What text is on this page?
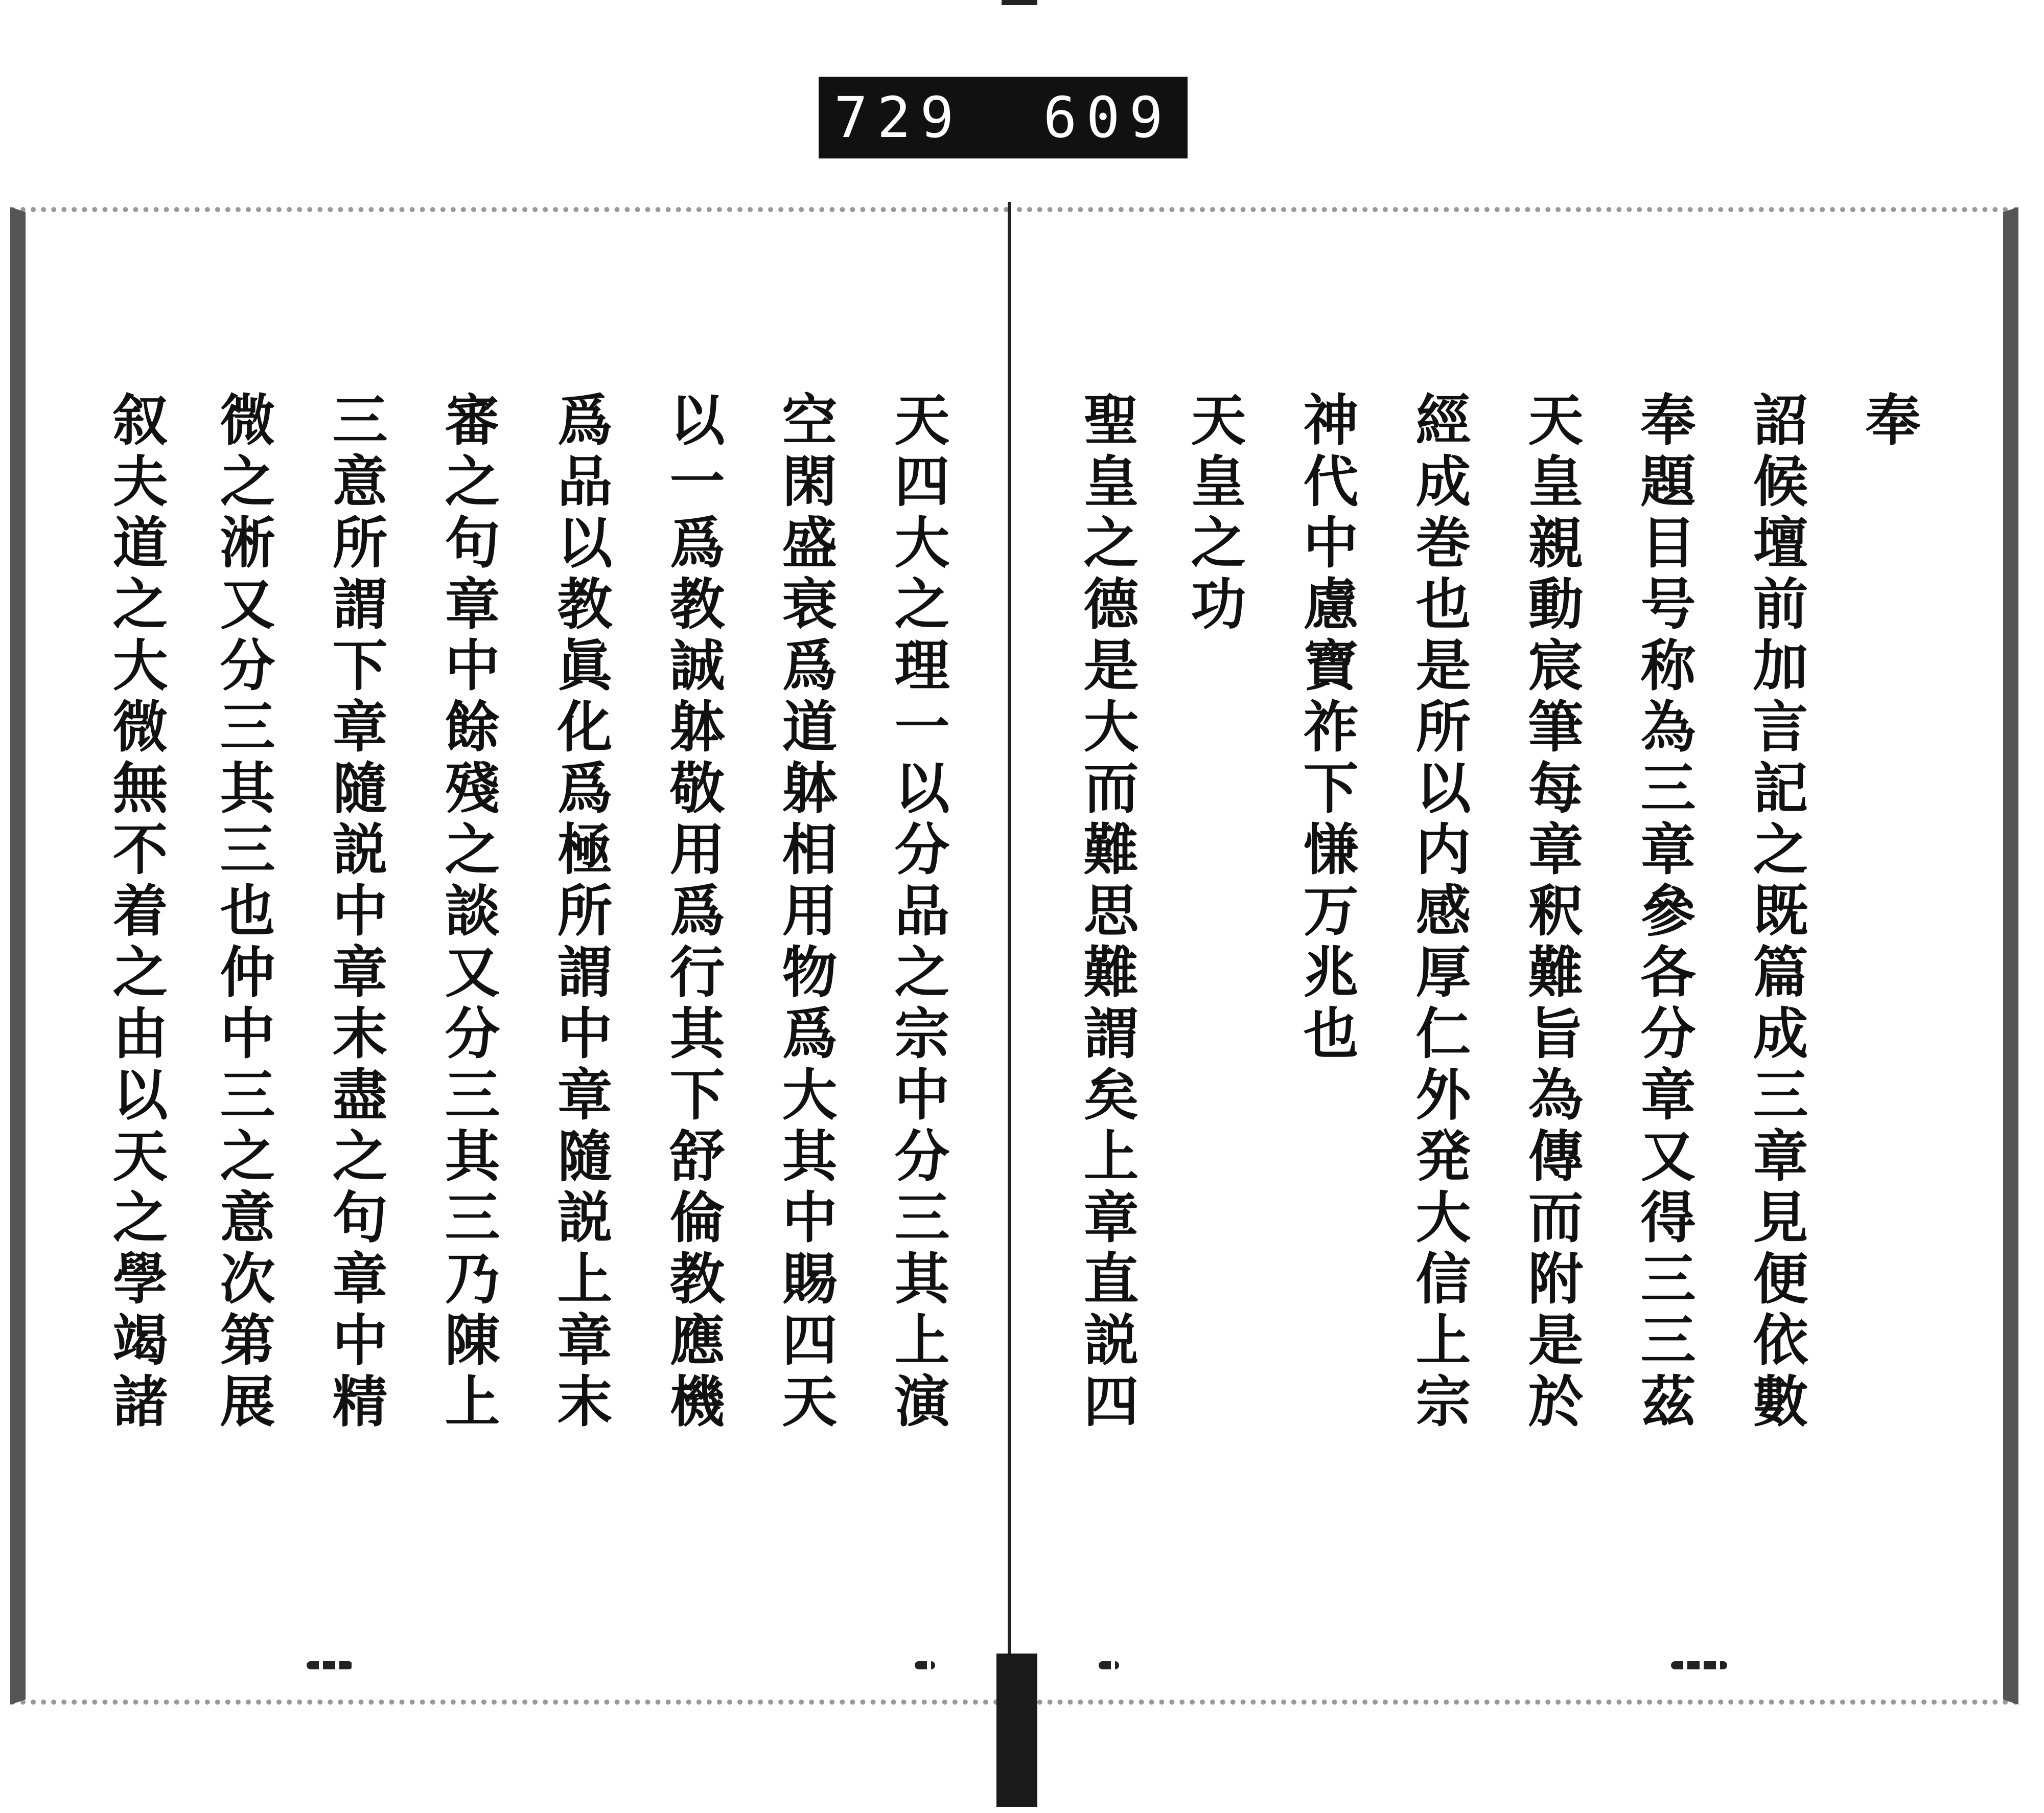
729 609
奉
詔候壇前加言記之既篇成三章見便依數
奉題目号称為三章參各分章又得三三茲
天皇親動宸筆每章釈難旨為傳而附是於
經成巻也是所以内感厚仁外発大信上宗
神代中慮寶祚下慊万兆也
天皇之功
聖皇之德是大而難思難謂矣上章直説四
天四大之理一以分品之宗中分三其上演
空閑盛衰爲道躰相用物爲大其中賜四天
以一爲教誠躰敬用爲行其下舒倫教應機
爲品以教眞化爲極所謂中章隨説上章末
審之句章中餘殘之談又分三其三乃陳上
三意所謂下章隨説中章末盡之句章中精
微之淅又分三其三也仲中三之意次第展
叙夫道之大微無不着之由以天之學竭諸
